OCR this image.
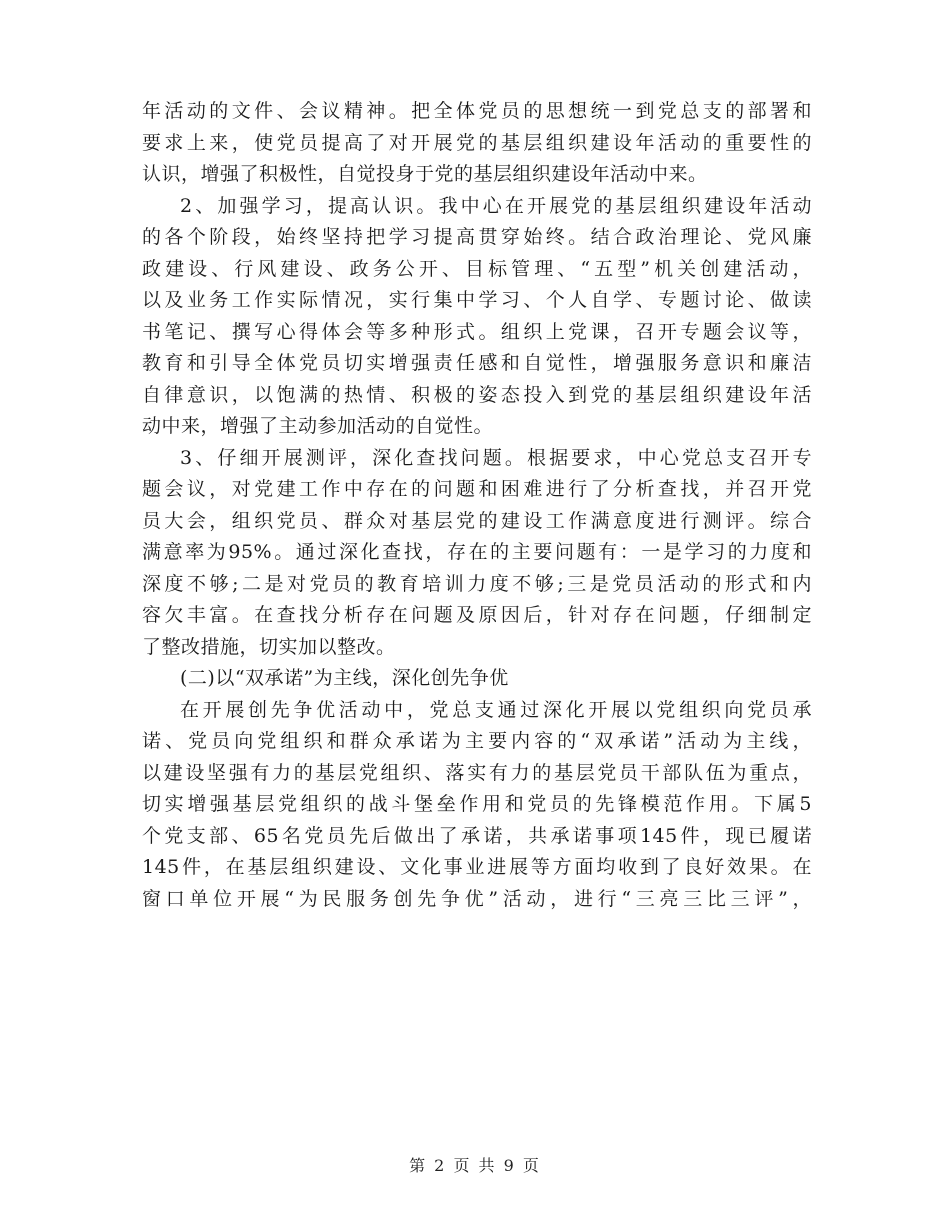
年活动的文件、会议精神。把全体党员的思想统一到党总支的部署和
要求上来，使党员提高了对开展党的基层组织建设年活动的重要性的
认识，增强了积极性，自觉投身于党的基层组织建设年活动中来。
2、加强学习，提高认识。我中心在开展党的基层组织建设年活动
的各个阶段，始终坚持把学习提高贯穿始终。结合政治理论、党风廉
政建设、行风建设、政务公开、目标管理、“五型”机关创建活动，
以及业务工作实际情况，实行集中学习、个人自学、专题讨论、做读
书笔记、撰写心得体会等多种形式。组织上党课，召开专题会议等，
教育和引导全体党员切实增强责任感和自觉性，增强服务意识和廉洁
自律意识，以饱满的热情、积极的姿态投入到党的基层组织建设年活
动中来，增强了主动参加活动的自觉性。
3、仔细开展测评，深化查找问题。根据要求，中心党总支召开专
题会议，对党建工作中存在的问题和困难进行了分析查找，并召开党
员大会，组织党员、群众对基层党的建设工作满意度进行测评。综合
满意率为95%。通过深化查找，存在的主要问题有：一是学习的力度和
深度不够;二是对党员的教育培训力度不够;三是党员活动的形式和内
容欠丰富。在查找分析存在问题及原因后，针对存在问题，仔细制定
了整改措施，切实加以整改。
(二)以“双承诺”为主线，深化创先争优
在开展创先争优活动中，党总支通过深化开展以党组织向党员承
诺、党员向党组织和群众承诺为主要内容的“双承诺”活动为主线，
以建设坚强有力的基层党组织、落实有力的基层党员干部队伍为重点，
切实增强基层党组织的战斗堡垒作用和党员的先锋模范作用。下属5
个党支部、65名党员先后做出了承诺，共承诺事项145件，现已履诺
145件，在基层组织建设、文化事业进展等方面均收到了良好效果。在
窗口单位开展“为民服务创先争优”活动，进行“三亮三比三评”，
第 2 页 共 9 页
